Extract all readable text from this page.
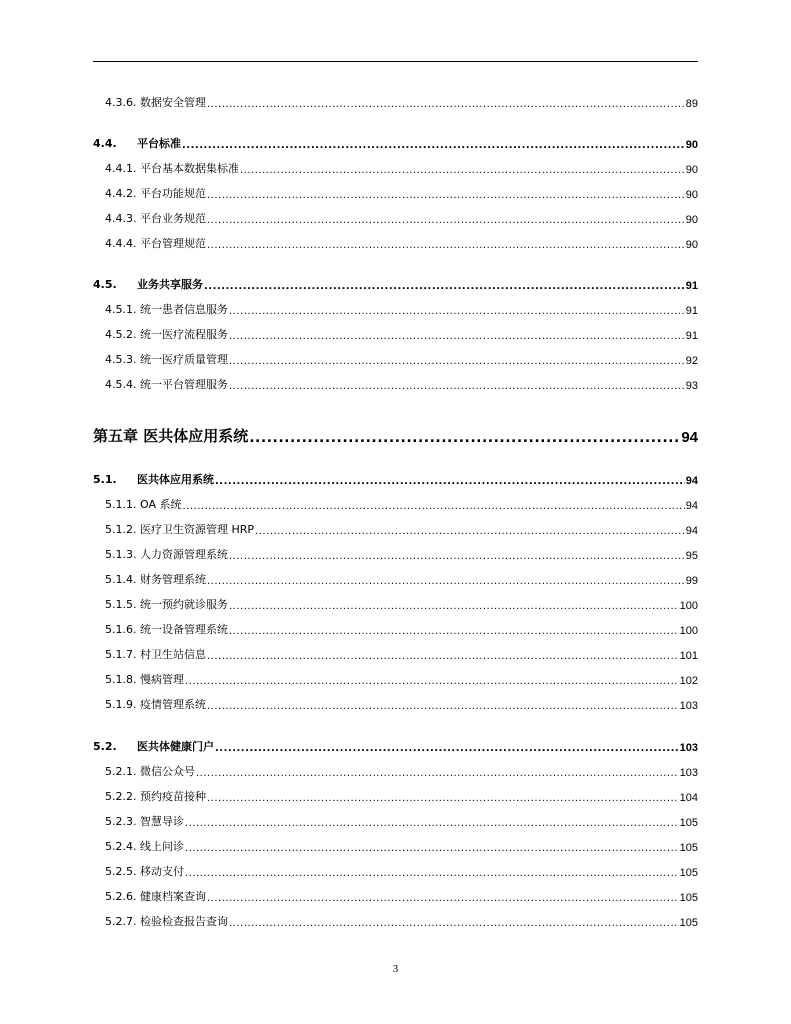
4.3.6. 数据安全管理 .....	89
4.4. 平台标准 .....	90
4.4.1. 平台基本数据集标准 .....	90
4.4.2. 平台功能规范 .....	90
4.4.3. 平台业务规范 .....	90
4.4.4. 平台管理规范 .....	90
4.5. 业务共享服务 .....	91
4.5.1. 统一患者信息服务 .....	91
4.5.2. 统一医疗流程服务 .....	91
4.5.3. 统一医疗质量管理 .....	92
4.5.4. 统一平台管理服务 .....	93
第五章 医共体应用系统 .....	94
5.1. 医共体应用系统 .....	94
5.1.1. OA 系统 .....	94
5.1.2. 医疗卫生资源管理 HRP .....	94
5.1.3. 人力资源管理系统 .....	95
5.1.4. 财务管理系统 .....	99
5.1.5. 统一预约就诊服务 .....	100
5.1.6. 统一设备管理系统 .....	100
5.1.7. 村卫生站信息 .....	101
5.1.8. 慢病管理 .....	102
5.1.9. 疫情管理系统 .....	103
5.2. 医共体健康门户 .....	103
5.2.1. 微信公众号 .....	103
5.2.2. 预约疫苗接种 .....	104
5.2.3. 智慧导诊 .....	105
5.2.4. 线上问诊 .....	105
5.2.5. 移动支付 .....	105
5.2.6. 健康档案查询 .....	105
5.2.7. 检验检查报告查询 .....	105
3
